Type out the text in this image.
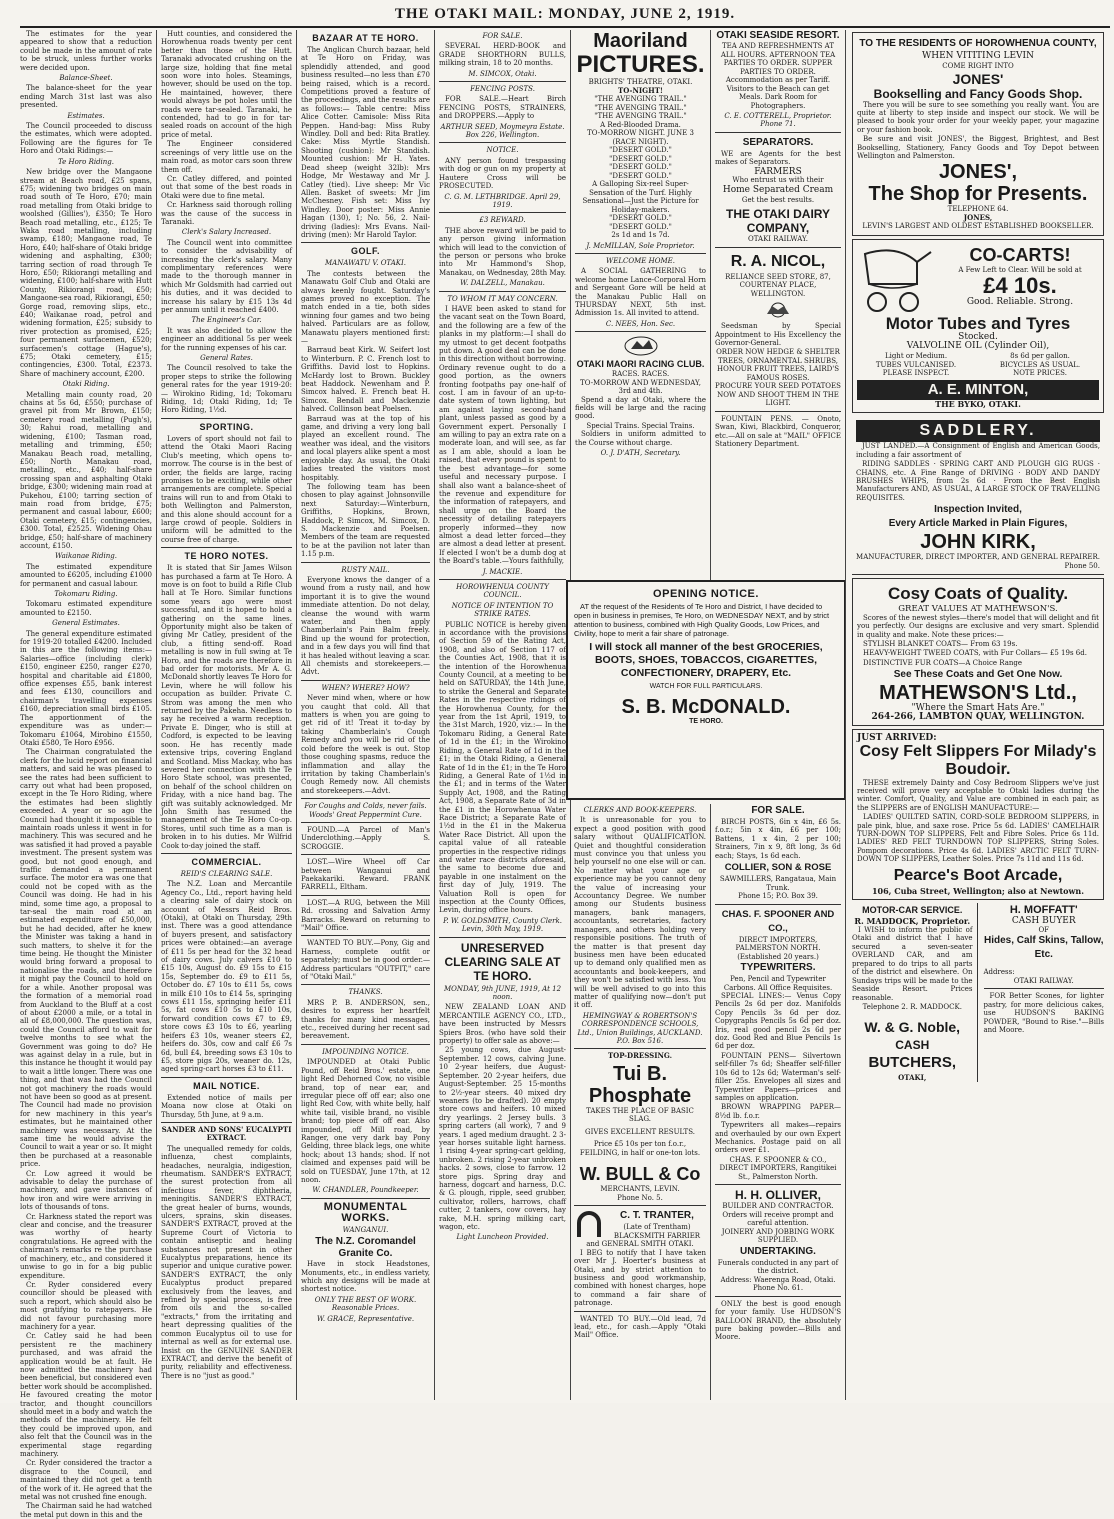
THE OTAKI MAIL: MONDAY, JUNE 2, 1919.
The estimates for the year appeared to show that a reduction could be made in the amount of rate to be struck, unless further works were decided upon.
Balance-Sheet.
The balance-sheet for the year ending March 31st last was also presented.
Estimates.
The Council proceeded to discuss the estimates, which were adopted. Following are the figures for Te Horo and Otaki Ridings:—
Te Horo Riding.
New bridge over the Mangaone stream at Beach road, £25 spans, £75; widening two bridges on main road south of Te Horo, £70; main road metalling from Otaki bridge to woolshed (Gillies'), £350; Te Horo Beach road metalling, etc., £125; Te Waka road metalling, including swamp, £180; Mangaone road, Te Horo, £40; half-share of Otaki bridge widening and asphalting, £300; tarring section of road through Te Horo, £50; Rikiorangi metalling and widening, £100; half-share with Hutt County, Rikiorangi road, £50; Mangaone-sea road, Rikiorangi, £50; Gorge road, removing slips, etc., £40; Waikanae road, petrol and widening formation, £25; subsidy to river protection as promised, £25; four permanent surfacemen, £520; surfacemen's cottage (Hague's), £75; Otaki cemetery, £15; contingencies, £300. Total, £2373. Share of machinery account, £200.
Otaki Riding.
Metalling main county road, 20 chains at 5s 6d, £550; purchase of gravel pit from Mr Brown, £150; cemetery road metalling (Pugh's), 30; Rahui road, metalling and widening, £100; Tasman road, metalling and trimming, £50; Manakau Beach road, metalling, £50; North Manakau road, metalling, etc., £40; half-share crossing span and asphalting Otaki bridge, £300; widening main road at Pukehou, £100; tarring section of main road from bridge, £75; permanent and casual labour, £600; Otaki cemetery, £15; contingencies, £300. Total, £2525. Widening Ohau bridge, £50; half-share of machinery account, £150.
Waikanae Riding.
The estimated expenditure amounted to £6205, including £1000 for permanent and casual labour.
Tokomaru Riding.
Tokomaru estimated expenditure amounted to £2150.
General Estimates.
The general expenditure estimated for 1919-20 totalled £4200. Included in this are the following items:— Salaries—office (including clerk) £150, engineer £250, ranger £270, hospital and charitable aid £1800, office expenses £55, bank interest and fees £130, councillors and chairman's travelling expenses £160, depreciation small birds £105. The apportionment of the expenditure was as under:—Tokomaru £1064, Mirobino £1550, Otaki £580, Te Horo £956.
The Chairman congratulated the clerk for the lucid report on financial matters, and said he was pleased to see the rates had been sufficient to carry out what had been proposed, except in the Te Horo Riding, where the estimates had been slightly exceeded. A year or so ago the Council had thought it impossible to maintain roads unless it went in for machinery. This was secured and he was satisfied it had proved a payable investment. The present system was good, but not good enough, and traffic demanded a permanent surface. The motor era was one that could not be coped with as the Council was doing. He had in his mind, some time ago, a proposal to tar-seal the main road at an estimated expenditure of £50,000, but he had decided, after he knew the Minister was taking a hand in such matters, to shelve it for the time being. He thought the Minister would bring forward a proposal to nationalise the roads, and therefore it might pay the Council to hold on for a while. Another proposal was the formation of a memorial road from Auckland to the Bluff at a cost of about £2000 a mile, or a total in all of £8,000,000. The question was, could the Council afford to wait for twelve months to see what the Government was going to do? He was against delay in a rule, but in this instance he thought it would pay to wait a little longer. There was one thing, and that was had the Council not got machinery the roads would not have been so good as at present. The Council had made no provision for new machinery in this year's estimates, but he maintained other machinery was necessary. At the same time he would advise the Council to wait a year or so. It might then be purchased at a reasonable price.
Cr. Low agreed it would be advisable to delay the purchase of machinery, and gave instances of how iron and wire were arriving in lots of thousands of tons.
Cr. Harkness stated the report was clear and concise, and the treasurer was worthy of hearty congratulations. He agreed with the chairman's remarks re the purchase of machinery, etc., and considered it unwise to go in for a big public expenditure.
Cr. Ryder considered every councillor should be pleased with such a report, which should also be most gratifying to ratepayers. He did not favour purchasing more machinery for a year.
Cr. Catley said he had been persistent re the machinery purchased, and was afraid the application would be at fault. He now admitted the machinery had been beneficial, but considered even better work should be accomplished. He favoured creating the motor tractor, and thought councillors should meet in a body and watch the methods of the machinery. He felt they could be improved upon, and also felt that the Council was in the experimental stage regarding machinery.
Cr. Ryder considered the tractor a disgrace to the Council, and maintained they did not get a tenth of the work of it. He agreed that the metal was not crushed fine enough.
The Chairman said he had watched the metal put down in this and the
Hutt counties, and considered the Horowhenua roads twenty per cent better than those of the Hutt. Taranaki advocated crushing on the large size, holding that fine metal soon wore into holes. Steamings, however, should be used on the top. He maintained, however, there would always be pot holes until the roads were tar-sealed. Taranaki, he contended, had to go in for tar-sealed roads on account of the high price of metal.
The Engineer considered screenings of very little use on the main road, as motor cars soon threw them off.
Cr. Catley differed, and pointed out that some of the best roads in Otaki were due to fine metal.
Cr. Harkness said thorough rolling was the cause of the success in Taranaki.
Clerk's Salary Increased.
The Council went into committee to consider the advisability of increasing the clerk's salary. Many complimentary references were made to the thorough manner in which Mr Goldsmith had carried out his duties, and it was decided to increase his salary by £15 13s 4d per annum until it reached £400.
The Engineer's Car.
It was also decided to allow the engineer an additional 5s per week for the running expenses of his car.
General Rates.
The Council resolved to take the proper steps to strike the following general rates for the year 1919-20:— Wirokino Riding, 1d; Tokomaru Riding, 1d; Otaki Riding, 1d; Te Horo Riding, 1½d.
SPORTING.
Lovers of sport should not fail to attend the Otaki Maori Racing Club's meeting, which opens to-morrow. The course is in the best of order, the fields are large, racing promises to be exciting, while other arrangements are complete. Special trains will run to and from Otaki to both Wellington and Palmerston, and this alone should account for a large crowd of people. Soldiers in uniform will be admitted to the course free of charge.
TE HORO NOTES.
It is stated that Sir James Wilson has purchased a farm at Te Horo. A move is on foot to build a Rifle Club hall at Te Horo. Similar functions some years ago were most successful, and it is hoped to hold a gathering on the same lines. Opportunity might also be taken of giving Mr Catley, president of the club, a fitting send-off. Road metalling is now in full swing at Te Horo, and the roads are therefore in bad order for motorists. Mr A. G. McDonald shortly leaves Te Horo for Levin, where he will follow his occupation as builder. Private C. Strom was among the men who returned by the Pakeha. Needless to say he received a warm reception. Private E. Dinger, who is still at Codford, is expected to be leaving soon. He has recently made extensive trips, covering England and Scotland. Miss Mackay, who has severed her connection with the Te Horo State school, was presented, on behalf of the school children on Friday, with a nice hand bag. The gift was suitably acknowledged. Mr John Smith has resumed the management of the Te Horo Co-op. Stores, until such time as a man is broken in to his duties. Mr Wilfrid Cook to-day joined the staff.
COMMERCIAL.
REID'S CLEARING SALE.
The N.Z. Loan and Mercantile Agency Co., Ltd., report having held a clearing sale of dairy stock on account of Messrs Reid Bros. (Otaki), at Otaki on Thursday, 29th inst. There was a good attendance of buyers present, and satisfactory prices were obtained:—an average of £11 5s per head for the 32 head of dairy cows. July calvers £10 to £15 10s, August do. £9 15s to £15 15s, September do. £9 to £11 5s, October do. £7 10s to £11 5s, cows in milk £10 10s to £14 5s, springing cows £11 15s, springing heifer £11 5s, fat cows £10 5s to £10 10s, forward condition cows £7 to £9, store cows £3 10s to £6, yearling heifers £3 10s, weaner steers £2, heifers do. 30s, cow and calf £6 7s 6d, bull £4, breeding sows £3 10s to £5, store pigs 20s, weaner do. 12s, aged spring-cart horses £3 to £11.
MAIL NOTICE.
Extended notice of mails per Moana now close at Otaki on Thursday, 5th June, at 9 a.m.
SANDER AND SONS' EUCALYPTI EXTRACT.
The unequalled remedy for colds, influenza, chest complaints, headaches, neuralgia, indigestion, rheumatism. SANDER'S EXTRACT, the surest protection from all infectious fever, diphtheria, meningitis. SANDER'S EXTRACT, the great healer of burns, wounds, ulcers, sprains, skin diseases. SANDER'S EXTRACT, proved at the Supreme Court of Victoria to contain antiseptic and healing substances not present in other Eucalyptus preparations, hence its superior and unique curative power. SANDER'S EXTRACT, the only Eucalyptus product prepared exclusively from the leaves, and refined by special process, is free from oils and the so-called "extracts," from the irritating and heart depressing qualities of the common Eucalyptus oil to use for internal as well as for external use. Insist on the GENUINE SANDER EXTRACT, and derive the benefit of purity, reliability and effectiveness. There is no "just as good."
BAZAAR AT TE HORO.
The Anglican Church bazaar, held at Te Horo on Friday, was splendidly attended, and good business resulted—no less than £70 being raised, which is a record. Competitions proved a feature of the proceedings, and the results are as follows:— Table centre: Miss Alice Cotter. Camisole: Miss Rita Peppen. Hand-bag: Miss Ruby Windley. Doll and bed: Rita Bratley. Cake: Miss Myrtle Standish. Shooting (cushion): Mr Standish. Mounted cushion: Mr H. Yates. Dead sheep (weight 32lb): Mrs Hodge, Mr Westaway and Mr J. Catley (tied). Live sheep: Mr Vic Allen. Basket of sweets: Mr Jim McChesney. Fish set: Miss Ivy Windley. Door poster: Miss Annie Hagan (130), 1; No. 56, 2. Nail-driving (ladies): Mrs Evans. Nail-driving (men): Mr Harold Taylor.
GOLF.
MANAWATU V. OTAKI.
The contests between the Manawatu Golf Club and Otaki are always keenly fought. Saturday's games proved no exception. The match ended in a tie, both sides winning four games and two being halved. Particulars are as follow, Manawatu players mentioned first:—
Barraud beat Kirk. W. Seifert lost to Winterburn. P. C. French lost to Griffiths. David lost to Hopkins. McHardy lost to Brown. Buckley beat Haddock. Newenham and P. Simcox halved. E. French beat H. Simcox. Bendall and Mackenzie halved. Collinson beat Poelsen.
Barraud was at the top of his game, and driving a very long ball played an excellent round. The weather was ideal, and the visitors and local players alike spent a most enjoyable day. As usual, the Otaki ladies treated the visitors most hospitably.
The following team has been chosen to play against Johnsonville next Saturday:—Winterburn, Griffiths, Hopkins, Brown, Haddock, P. Simcox, M. Simcox, D. S. Mackenzie and Poelsen. Members of the team are requested to be at the pavilion not later than 1.15 p.m.
RUSTY NAIL.
Everyone knows the danger of a wound from a rusty nail, and how important it is to give the wound immediate attention. Do not delay, cleanse the wound with warm water, and then apply Chamberlain's Pain Balm freely. Bind up the wound for protection, and in a few days you will find that it has healed without leaving a scar. All chemists and storekeepers.—Advt.
WHEN? WHERE? HOW?
Never mind when, where or how you caught that cold. All that matters is when you are going to get rid of it! Treat it to-day by taking Chamberlain's Cough Remedy and you will be rid of the cold before the week is out. Stop those coughing spasms, reduce the inflammation and allay the irritation by taking Chamberlain's Cough Remedy now. All chemists and storekeepers.—Advt.
For Coughs and Colds, never fails. Woods' Great Peppermint Cure.
FOUND.—A Parcel of Man's Underclothing.—Apply S. SCROGGIE.
LOST.—Wire Wheel off Car between Wanganui and Paekakariki. Reward. FRANK FARRELL, Eltham.
LOST.—A RUG, between the Mill Rd. crossing and Salvation Army Barracks. Reward on returning to "Mail" Office.
WANTED TO BUY.—Pony, Gig and Harness, complete outfit or separately; must be in good order.—Address particulars "OUTFIT," care of "Otaki Mail."
THANKS.
MRS P. B. ANDERSON, sen., desires to express her heartfelt thanks for many kind messages, etc., received during her recent sad bereavement.
IMPOUNDING NOTICE.
IMPOUNDED at Otaki Public Pound, off Reid Bros.' estate, one light Red Dehorned Cow, no visible brand, top of near ear, and irregular piece off off ear; also one light Red Cow, with white belly, half white tail, visible brand, no visible brand; top piece off off ear. Also impounded, off Mill road, by Ranger, one very dark bay Pony Gelding, three black legs, one white hock; about 13 hands; shod. If not claimed and expenses paid will be sold on TUESDAY, June 17th, at 12 noon.
W. CHANDLER, Poundkeeper.
MONUMENTAL WORKS.
WANGANUI.
The N.Z. Coromandel Granite Co.
Have in stock Headstones, Monuments, etc., in endless variety, which any designs will be made at shortest notice.
ONLY THE BEST OF WORK. Reasonable Prices.
W. GRACE, Representative.
FOR SALE.
SEVERAL HERD-BOOK and GRADE SHORTHORN BULLS, milking strain, 18 to 20 months.
M. SIMCOX, Otaki.
FENCING POSTS.
FOR SALE.—Heart Birch FENCING POSTS, STRAINERS, and DROPPERS.—Apply to
ARTHUR SEED, Moymeyra Estate. Box 226, Wellington.
NOTICE.
ANY person found trespassing with dog or gun on my property at Hautere Cross will be PROSECUTED.
C. G. M. LETHBRIDGE. April 29, 1919.
£3 REWARD.
THE above reward will be paid to any person giving information which will lead to the conviction of the person or persons who broke into Mr Hammond's Shop, Manakau, on Wednesday, 28th May.
W. DALZELL, Manakau.
TO WHOM IT MAY CONCERN.
I HAVE been asked to stand for the vacant seat on the Town Board, and the following are a few of the planks in my platform:—I shall do my utmost to get decent footpaths put down. A good deal can be done in this direction without borrowing. Ordinary revenue ought to do a good portion, as the owners fronting footpaths pay one-half of cost. I am in favour of an up-to-date system of town lighting, but am against laying second-hand plant, unless passed as good by a Government expert. Personally I am willing to pay an extra rate on a moderate loan, and will see, as far as I am able, should a loan be raised, that every pound is spent to the best advantage—for some useful and necessary purpose. I shall also want a balance-sheet of the revenue and expenditure for the information of ratepayers, and shall urge on the Board the necessity of detailing ratepayers properly informed—they now almost a dead letter forced—they are almost a dead letter at present. If elected I won't be a dumb dog at the Board's table.—Yours faithfully,
J. MACKIE.
HOROWHENUA COUNTY COUNCIL.
NOTICE OF INTENTION TO STRIKE RATES.
PUBLIC NOTICE is hereby given in accordance with the provisions of Section 59 of the Rating Act, 1908, and also of Section 117 of the Counties Act, 1908, that it is the intention of the Horowhenua County Council, at a meeting to be held on SATURDAY, the 14th June, to strike the General and Separate Rates in the respective ridings of the Horowhenua County, for the year from the 1st April, 1919, to the 31st March, 1920, viz.:— In the Tokomaru Riding, a General Rate of 1d in the £1; in the Wirokino Riding, a General Rate of 1d in the £1; in the Otaki Riding, a General Rate of 1d in the £1; in the Te Horo Riding, a General Rate of 1½d in the £1; and in terms of the Water Supply Act, 1908, and the Rating Act, 1908, a Separate Rate of 3d in the £1 in the Horowhenua Water Race District; a Separate Rate of 1½d in the £1 in the Makerua Water Race District. All upon the capital value of all rateable properties in the respective ridings and water race districts aforesaid, the same to become due and payable in one instalment on the first day of July, 1919. The Valuation Roll is open for inspection at the County Offices, Levin, during office hours.
P. W. GOLDSMITH, County Clerk. Levin, 30th May, 1919.
UNRESERVED CLEARING SALE AT TE HORO.
MONDAY, 9th JUNE, 1919, At 12 noon.
NEW ZEALAND LOAN AND MERCANTILE AGENCY CO., LTD., have been instructed by Messrs Spiers Bros. (who have sold their property) to offer sale as above:—
25 young cows, due August-September. 12 cows, calving June. 10 2-year heifers, due August-September. 20 2-year heifers, due August-September. 25 15-months to 2½-year steers. 40 mixed dry weaners (to be drafted). 20 empty store cows and heifers. 10 mixed dry yearlings. 2 Jersey bulls. 3 spring carters (all work), 7 and 9 years. 1 aged medium draught. 2 3-year horses suitable light harness. 1 rising 4-year spring-cart gelding, unbroken. 2 rising 2-year unbroken hacks. 2 sows, close to farrow. 12 store pigs. Spring dray and harness, dogcart and harness, D.C. & G. plough, ripple, seed grubber, cultivator, rollers, harrows, chaff cutter, 2 tankers, cow covers, hay rake, M.H. spring milking cart, wagon, etc.
Light Luncheon Provided.
Maoriland
PICTURES.
BRIGHTS' THEATRE, OTAKI.
TO-NIGHT!
"THE AVENGING TRAIL."
"THE AVENGING TRAIL."
"THE AVENGING TRAIL."
A Red-Blooded Drama.
TO-MORROW NIGHT. JUNE 3 (RACE NIGHT).
"DESERT GOLD."
"DESERT GOLD."
"DESERT GOLD."
"DESERT GOLD."
A Galloping Six-reel Super-Sensation of the Turf. Highly Sensational—Just the Picture for Holiday-makers.
"DESERT GOLD."
"DESERT GOLD."
2s 1d and 1s 7d.
J. McMILLAN, Sole Proprietor.
WELCOME HOME.
A SOCIAL GATHERING to welcome home Lance-Corporal Horn and Sergeant Gore will be held at the Manakau Public Hall on THURSDAY NEXT, 5th inst. Admission 1s. All invited to attend.
C. NEES, Hon. Sec.
OTAKI MAORI RACING CLUB.
RACES. RACES.
TO-MORROW AND WEDNESDAY, 3rd and 4th.
Spend a day at Otaki, where the fields will be large and the racing good.
Special Trains. Special Trains.
Soldiers in uniform admitted to the Course without charge.
O. J. D'ATH, Secretary.
OPENING NOTICE.
AT the request of the Residents of Te Horo and District, I have decided to open in business in premises, Te Horo, on WEDNESDAY NEXT, and by strict attention to business, combined with High Quality Goods, Low Prices, and Civility, hope to merit a fair share of patronage.
I will stock all manner of the best GROCERIES, BOOTS, SHOES, TOBACCOS, CIGARETTES, CONFECTIONERY, DRAPERY, Etc.
WATCH FOR FULL PARTICULARS.
S. B. McDONALD.
TE HORO.
CLERKS AND BOOK-KEEPERS.
It is unreasonable for you to expect a good position with good salary without QUALIFICATION. Quiet and thoughtful consideration must convince you that unless you help yourself no one else will or can. No matter what your age or experience may be you cannot deny the value of increasing your Accountancy Degree. We number among our Students business managers, bank managers, accountants, secretaries, factory managers, and others holding very responsible positions. The truth of the matter is that present day business men have been educated up to demand only qualified men as accountants and book-keepers, and they won't be satisfied with less. You will be well advised to go into this matter of qualifying now—don't put it off.
HEMINGWAY & ROBERTSON'S CORRESPONDENCE SCHOOLS, Ltd., Union Buildings, AUCKLAND. P.O. Box 516.
TOP-DRESSING.
Tui B. Phosphate
TAKES THE PLACE OF BASIC SLAG.
GIVES EXCELLENT RESULTS.
Price £5 10s per ton f.o.r., FEILDING, in half or one-ton lots.
W. BULL & Co
MERCHANTS, LEVIN.
Phone No. 5.
C. T. TRANTER,
(Late of Trentham) BLACKSMITH FARRIER and GENERAL SMITH OTAKI.
I BEG to notify that I have taken over Mr J. Hoerter's business at Otaki, and by strict attention to business and good workmanship, combined with honest charges, hope to command a fair share of patronage.
WANTED TO BUY.—Old lead, 7d lead, etc., for cash.—Apply "Otaki Mail" Office.
OTAKI SEASIDE RESORT.
TEA AND REFRESHMENTS AT ALL HOURS. AFTERNOON TEA PARTIES TO ORDER. SUPPER PARTIES TO ORDER. Accommodation as per Tariff. Visitors to the Beach can get Meals. Dark Room for Photographers.
C. E. COTTERELL, Proprietor. Phone 71.
SEPARATORS.
WE are Agents for the best makes of Separators.
FARMERS
Who entrust us with their
Home Separated Cream
Get the best results.
THE OTAKI DAIRY COMPANY,
OTAKI RAILWAY.
R. A. NICOL,
RELIANCE SEED STORE, 87, COURTENAY PLACE, WELLINGTON.
Seedsman by Special Appointment to His Excellency the Governor-General.
ORDER NOW HEDGE & SHELTER TREES, ORNAMENTAL SHRUBS, HONOUR FRUIT TREES, LAIRD'S FAMOUS ROSES.
PROCURE YOUR SEED POTATOES NOW AND SHOOT THEM IN THE LIGHT.
FOUNTAIN PENS. — Onoto, Swan, Kiwi, Blackbird, Conqueror, etc.—All on sale at "MAIL" OFFICE Stationery Department.
FOR SALE.
BIRCH POSTS, 6in x 4in, £6 5s. f.o.r.; 5in x 4in, £6 per 100; Battens, 1 x 4in, 2 per 100; Strainers, 7in x 9, 8ft long, 3s 6d each; Stays, 1s 6d each.
COLLIER, SON & ROSE
SAWMILLERS, Rangataua, Main Trunk.
Phone 15; P.O. Box 39.
CHAS. F. SPOONER AND CO.,
DIRECT IMPORTERS, PALMERSTON NORTH. (Established 20 years.)
TYPEWRITERS.
Pen, Pencil and Typewriter Carbons. All Office Requisites.
SPECIAL LINES:— Venus Copy Pencils 2s 6d per doz. Manifolds Copy Pencils 3s 6d per doz. Copygraphs Pencils 5s 6d per doz. Iris, real good pencil 2s 6d per doz. Good Red and Blue Pencils 1s 6d per doz.
FOUNTAIN PENS— Silvertown self-filler 7s 6d; Sheaffer self-filler 10s 6d to 12s 6d; Waterman's self-filler 25s. Envelopes all sizes and Typewriter Papers—prices and samples on application.
BROWN WRAPPING PAPER—8½d lb. f.o.r.
Typewriters all makes—repairs and overhauled by our own Expert Mechanics. Postage paid on all orders over £1.
CHAS. F. SPOONER & CO., DIRECT IMPORTERS, Rangitikei St., Palmerston North.
H. H. OLLIVER,
BUILDER AND CONTRACTOR.
Orders will receive prompt and careful attention.
JOINERY AND JOBBING WORK SUPPLIED.
UNDERTAKING.
Funerals conducted in any part of the district.
Address: Waerenga Road, Otaki. Phone No. 61.
ONLY the best is good enough for your family. Use HUDSON'S BALLOON BRAND, the absolutely pure baking powder.—Bills and Moore.
TO THE RESIDENTS OF HOROWHENUA COUNTY,
WHEN VITITING LEVIN
COME RIGHT INTO
JONES'
Bookselling and Fancy Goods Shop.
There you will be sure to see something you really want. You are quite at liberty to step inside and inspect our stock. We will be pleased to book your order for your weekly paper, your magazine or your fashion book.
Be sure and visit JONES', the Biggest, Brightest, and Best Bookselling, Stationery, Fancy Goods and Toy Depot between Wellington and Palmerston.
JONES',
The Shop for Presents.
TELEPHONE 64.
JONES,
LEVIN'S LARGEST AND OLDEST ESTABLISHED BOOKSELLER.
CO-CARTS!
A Few Left to Clear. Will be sold at
£4 10s.
Good. Reliable. Strong.
Motor Tubes and Tyres
Stocked.
VALVOLINE OIL (Cylinder Oil),
Light or Medium.	8s 6d per gallon.
TUBES VULCANISED.	BICYCLES AS USUAL.
PLEASE INSPECT.	NOTE PRICES.
A. E. MINTON,
THE BYKO, OTAKI.
SADDLERY.
JUST LANDED.—A Consignment of English and American Goods, including a fair assortment of
RIDING SADDLES · SPRING CART AND PLOUGH GIG RUGS · CHAINS, etc. A Fine Range of DRIVING · BODY AND DANDY BRUSHES WHIPS, from 2s 6d · From the Best English Manufacturers AND, AS USUAL, A LARGE STOCK OF TRAVELLING REQUISITES.
Inspection Invited,
Every Article Marked in Plain Figures,
JOHN KIRK,
MANUFACTURER, DIRECT IMPORTER, AND GENERAL REPAIRER.
Phone 50.
Cosy Coats of Quality.
GREAT VALUES AT MATHEWSON'S.
Scores of the newest styles—there's model that will delight and fit you perfectly. Our designs are exclusive and very smart. Splendid in quality and make. Note these prices:—
STYLISH BLANKET COATS— From 63 19s.
HEAVY-WEIGHT TWEED COATS, with Fur Collars— £5 19s 6d.
DISTINCTIVE FUR COATS—A Choice Range
See These Coats and Get One Now.
MATHEWSON'S Ltd.,
"Where the Smart Hats Are."
264-266, LAMBTON QUAY, WELLINGTON.
JUST ARRIVED:
Cosy Felt Slippers For Milady's Boudoir.
THESE extremely Dainty and Cosy Bedroom Slippers we've just received will prove very acceptable to Otaki ladies during the winter. Comfort, Quality, and Value are combined in each pair, as the SLIPPERS are of ENGLISH MANUFACTURE:—
LADIES' QUILTED SATIN, CORD-SOLE BEDROOM SLIPPERS, in pale pink, blue, and saxe rose. Price 5s 6d. LADIES' CAMELHAIR TURN-DOWN TOP SLIPPERS, Felt and Fibre Soles. Price 6s 11d. LADIES' RED FELT TURNDOWN TOP SLIPPERS, String Soles. Pompom decorations. Price 4s 6d. LADIES' ARCTIC FELT TURN-DOWN TOP SLIPPERS, Leather Soles. Price 7s 11d and 11s 6d.
Pearce's Boot Arcade,
106, Cuba Street, Wellington; also at Newtown.
MOTOR-CAR SERVICE.
R. MADDOCK, Proprietor.
I WISH to inform the public of Otaki and district that I have secured a seven-seater OVERLAND CAR, and am prepared to do trips to all parts of the district and elsewhere. On Sundays trips will be made to the Seaside Resort. Prices reasonable.
Telephone 2. R. MADDOCK.
W. & G. Noble,
CASH
BUTCHERS,
OTAKI,
H. MOFFATT'
CASH BUYER
OF
Hides, Calf Skins, Tallow, Etc.
Address:
OTAKI RAILWAY.
FOR Better Scones, for lighter pastry, for more delicious cakes, use HUDSON'S BAKING POWDER, "Bound to Rise."—Bills and Moore.
